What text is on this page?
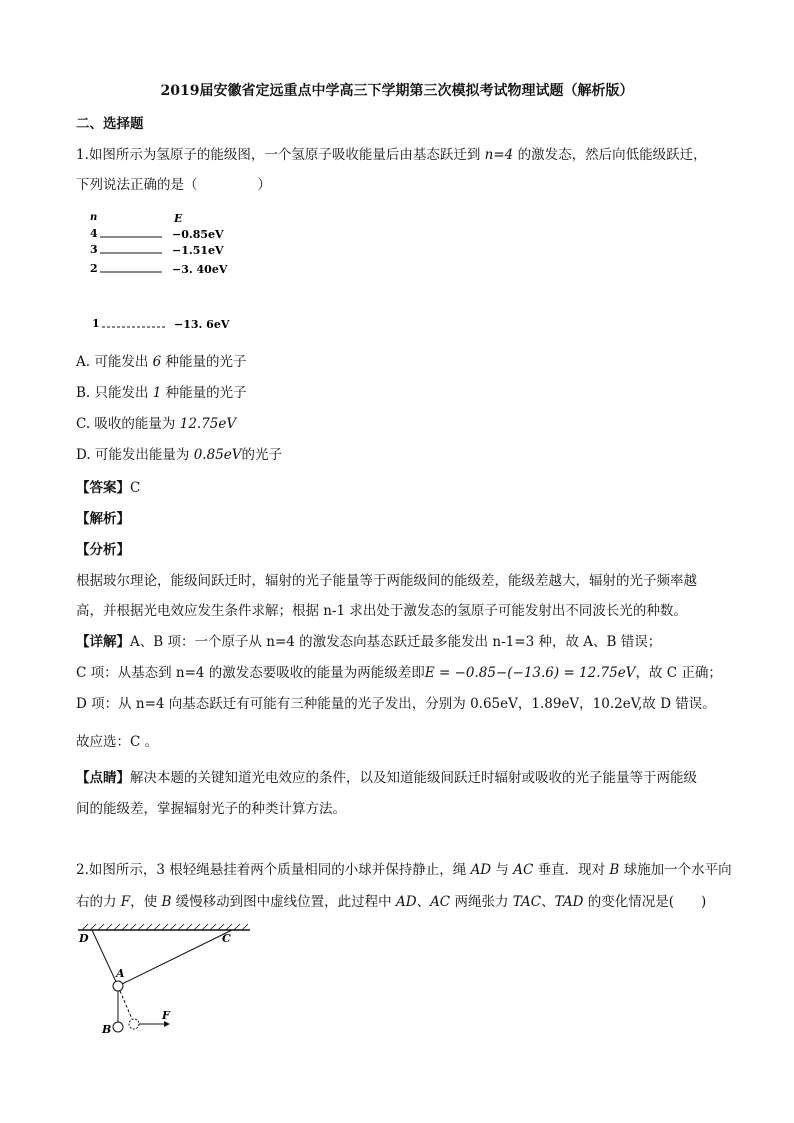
2019届安徽省定远重点中学高三下学期第三次模拟考试物理试题（解析版）
二、选择题
1.如图所示为氢原子的能级图，一个氢原子吸收能量后由基态跃迁到 n=4 的激发态，然后向低能级跃迁，
下列说法正确的是（	）
n	E
4	−0.85eV
3	−1.51eV
2	−3. 40eV
1	−13. 6eV
A. 可能发出 6 种能量的光子
B. 只能发出 1 种能量的光子
C. 吸收的能量为 12.75eV
D. 可能发出能量为 0.85eV的光子
【答案】C
【解析】
【分析】
根据玻尔理论，能级间跃迁时，辐射的光子能量等于两能级间的能级差，能级差越大，辐射的光子频率越
高，并根据光电效应发生条件求解；根据 n-1 求出处于激发态的氢原子可能发射出不同波长光的种数。
【详解】A、B 项：一个原子从 n=4 的激发态向基态跃迁最多能发出 n-1=3 种，故 A、B 错误；
C 项：从基态到 n=4 的激发态要吸收的能量为两能级差即E = −0.85−(−13.6) = 12.75eV，故 C 正确；
D 项：从 n=4 向基态跃迁有可能有三种能量的光子发出，分别为 0.65eV，1.89eV，10.2eV,故 D 错误。
故应选：C 。
【点睛】解决本题的关键知道光电效应的条件，以及知道能级间跃迁时辐射或吸收的光子能量等于两能级
间的能级差，掌握辐射光子的种类计算方法。
2.如图所示，3 根轻绳悬挂着两个质量相同的小球并保持静止，绳 AD 与 AC 垂直．现对 B 球施加一个水平向
右的力 F，使 B 缓慢移动到图中虚线位置，此过程中 AD、AC 两绳张力 TAC、TAD 的变化情况是(　　)
D	C
A
B
F
